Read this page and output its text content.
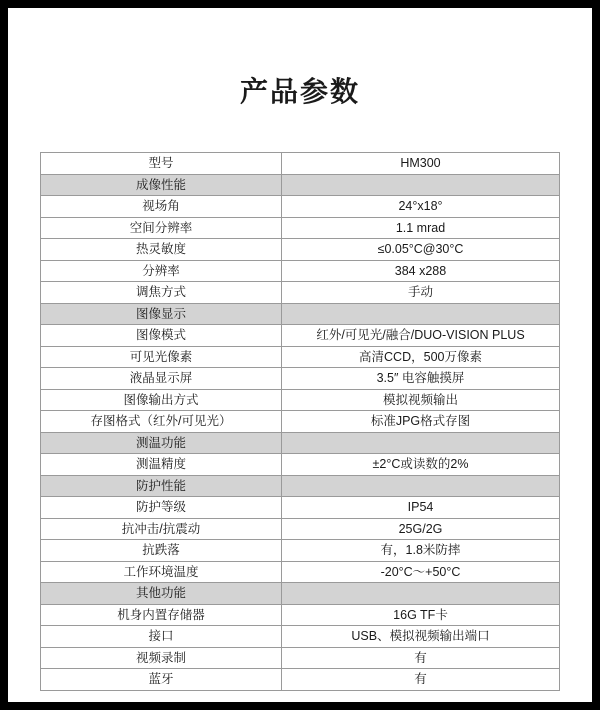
产品参数
型号	HM300
成像性能	
视场角	24°x18°
空间分辨率	1.1 mrad
热灵敏度	≤0.05°C@30°C
分辨率	384 x288
调焦方式	手动
图像显示	
图像模式	红外/可见光/融合/DUO-VISION PLUS
可见光像素	高清CCD，500万像素
液晶显示屏	3.5″ 电容触摸屏
图像输出方式	模拟视频输出
存图格式（红外/可见光）	标准JPG格式存图
测温功能	
测温精度	±2°C或读数的2%
防护性能	
防护等级	IP54
抗冲击/抗震动	25G/2G
抗跌落	有，1.8米防摔
工作环境温度	-20°C～+50°C
其他功能	
机身内置存储器	16G TF卡
接口	USB、模拟视频输出端口
视频录制	有
蓝牙	有
